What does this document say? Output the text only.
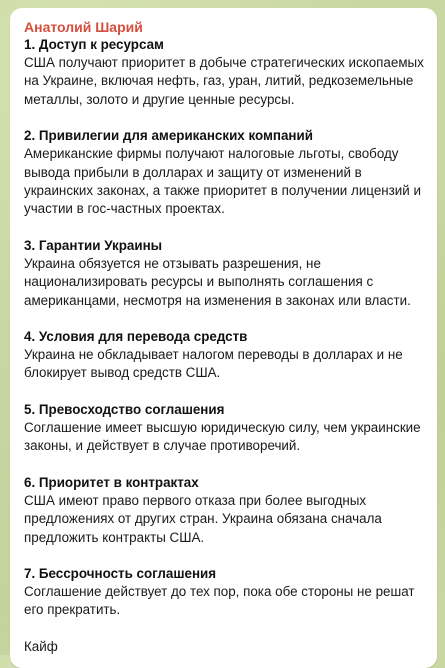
Анатолий Шарий

1. Доступ к ресурсам

США получают приоритет в добыче стратегических ископаемых на Украине, включая нефть, газ, уран, литий, редкоземельные металлы, золото и другие ценные ресурсы.

2. Привилегии для американских компаний

Американские фирмы получают налоговые льготы, свободу вывода прибыли в долларах и защиту от изменений в украинских законах, а также приоритет в получении лицензий и участии в гос-частных проектах.

3. Гарантии Украины

Украина обязуется не отзывать разрешения, не национализировать ресурсы и выполнять соглашения с американцами, несмотря на изменения в законах или власти.

4. Условия для перевода средств

Украина не обкладывает налогом переводы в долларах и не блокирует вывод средств США.

5. Превосходство соглашения

Соглашение имеет высшую юридическую силу, чем украинские законы, и действует в случае противоречий.

6. Приоритет в контрактах

США имеют право первого отказа при более выгодных предложениях от других стран. Украина обязана сначала предложить контракты США.

7. Бессрочность соглашения

Соглашение действует до тех пор, пока обе стороны не решат его прекратить.

Кайф
